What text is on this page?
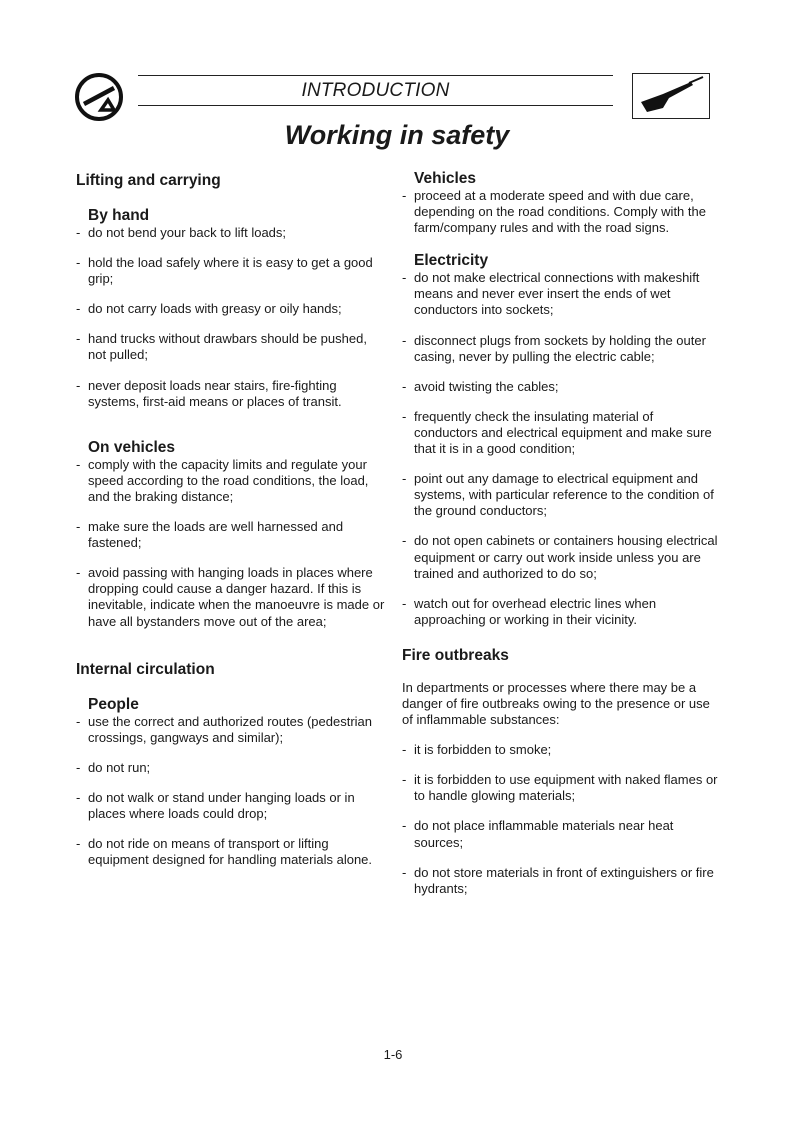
INTRODUCTION
Working in safety
Lifting and carrying
By hand

- do not bend your back to lift loads;

- hold the load safely where it is easy to get a good grip;

- do not carry loads with greasy or oily hands;

- hand trucks without drawbars should be pushed, not pulled;

- never deposit loads near stairs, fire-fighting systems, first-aid means or places of transit.

On vehicles

- comply with the capacity limits and regulate your speed according to the road conditions, the load, and the braking distance;

- make sure the loads are well harnessed and fastened;

- avoid passing with hanging loads in places where dropping could cause a danger hazard. If this is inevitable, indicate when the manoeuvre is made or have all bystanders move out of the area;

Internal circulation
People

- use the correct and authorized routes (pedestrian crossings, gangways and similar);

- do not run;

- do not walk or stand under hanging loads or in places where loads could drop;

- do not ride on means of transport or lifting equipment designed for handling materials alone.

Vehicles

- proceed at a moderate speed and with due care, depending on the road conditions. Comply with the farm/company rules and with the road signs.

Electricity

- do not make electrical connections with makeshift means and never ever insert the ends of wet conductors into sockets;

- disconnect plugs from sockets by holding the outer casing, never by pulling the electric cable;

- avoid twisting the cables;

- frequently check the insulating material of conductors and electrical equipment and make sure that it is in a good condition;

- point out any damage to electrical equipment and systems, with particular reference to the condition of the ground conductors;

- do not open cabinets or containers housing electrical equipment or carry out work inside unless you are trained and authorized to do so;

- watch out for overhead electric lines when approaching or working in their vicinity.

Fire outbreaks

In departments or processes where there may be a danger of fire outbreaks owing to the presence or use of inflammable substances:

- it is forbidden to smoke;

- it is forbidden to use equipment with naked flames or to handle glowing materials;

- do not place inflammable materials near heat sources;

- do not store materials in front of extinguishers or fire hydrants;

1-6
